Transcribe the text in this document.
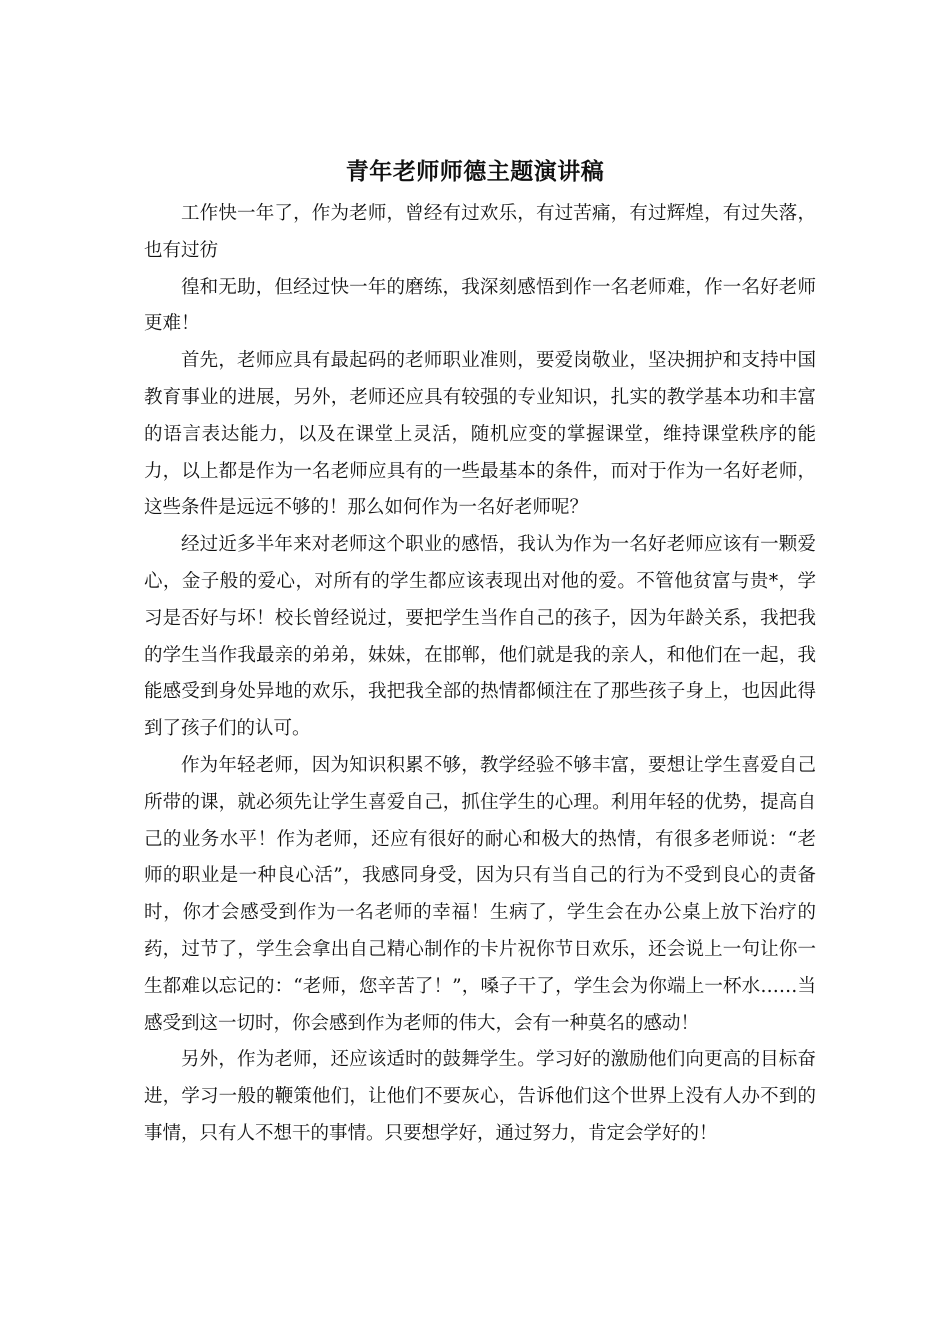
青年老师师德主题演讲稿

工作快一年了，作为老师，曾经有过欢乐，有过苦痛，有过辉煌，有过失落，也有过彷

徨和无助，但经过快一年的磨练，我深刻感悟到作一名老师难，作一名好老师更难！

首先，老师应具有最起码的老师职业准则，要爱岗敬业，坚决拥护和支持中国教育事业的进展，另外，老师还应具有较强的专业知识，扎实的教学基本功和丰富的语言表达能力，以及在课堂上灵活，随机应变的掌握课堂，维持课堂秩序的能力，以上都是作为一名老师应具有的一些最基本的条件，而对于作为一名好老师，这些条件是远远不够的！那么如何作为一名好老师呢？

经过近多半年来对老师这个职业的感悟，我认为作为一名好老师应该有一颗爱心，金子般的爱心，对所有的学生都应该表现出对他的爱。不管他贫富与贵*，学习是否好与坏！校长曾经说过，要把学生当作自己的孩子，因为年龄关系，我把我的学生当作我最亲的弟弟，妹妹，在邯郸，他们就是我的亲人，和他们在一起，我能感受到身处异地的欢乐，我把我全部的热情都倾注在了那些孩子身上，也因此得到了孩子们的认可。

作为年轻老师，因为知识积累不够，教学经验不够丰富，要想让学生喜爱自己所带的课，就必须先让学生喜爱自己，抓住学生的心理。利用年轻的优势，提高自己的业务水平！作为老师，还应有很好的耐心和极大的热情，有很多老师说：“老师的职业是一种良心活”，我感同身受，因为只有当自己的行为不受到良心的责备时，你才会感受到作为一名老师的幸福！生病了，学生会在办公桌上放下治疗的药，过节了，学生会拿出自己精心制作的卡片祝你节日欢乐，还会说上一句让你一生都难以忘记的：“老师，您辛苦了！”，嗓子干了，学生会为你端上一杯水……当感受到这一切时，你会感到作为老师的伟大，会有一种莫名的感动！

另外，作为老师，还应该适时的鼓舞学生。学习好的激励他们向更高的目标奋进，学习一般的鞭策他们，让他们不要灰心，告诉他们这个世界上没有人办不到的事情，只有人不想干的事情。只要想学好，通过努力，肯定会学好的！
